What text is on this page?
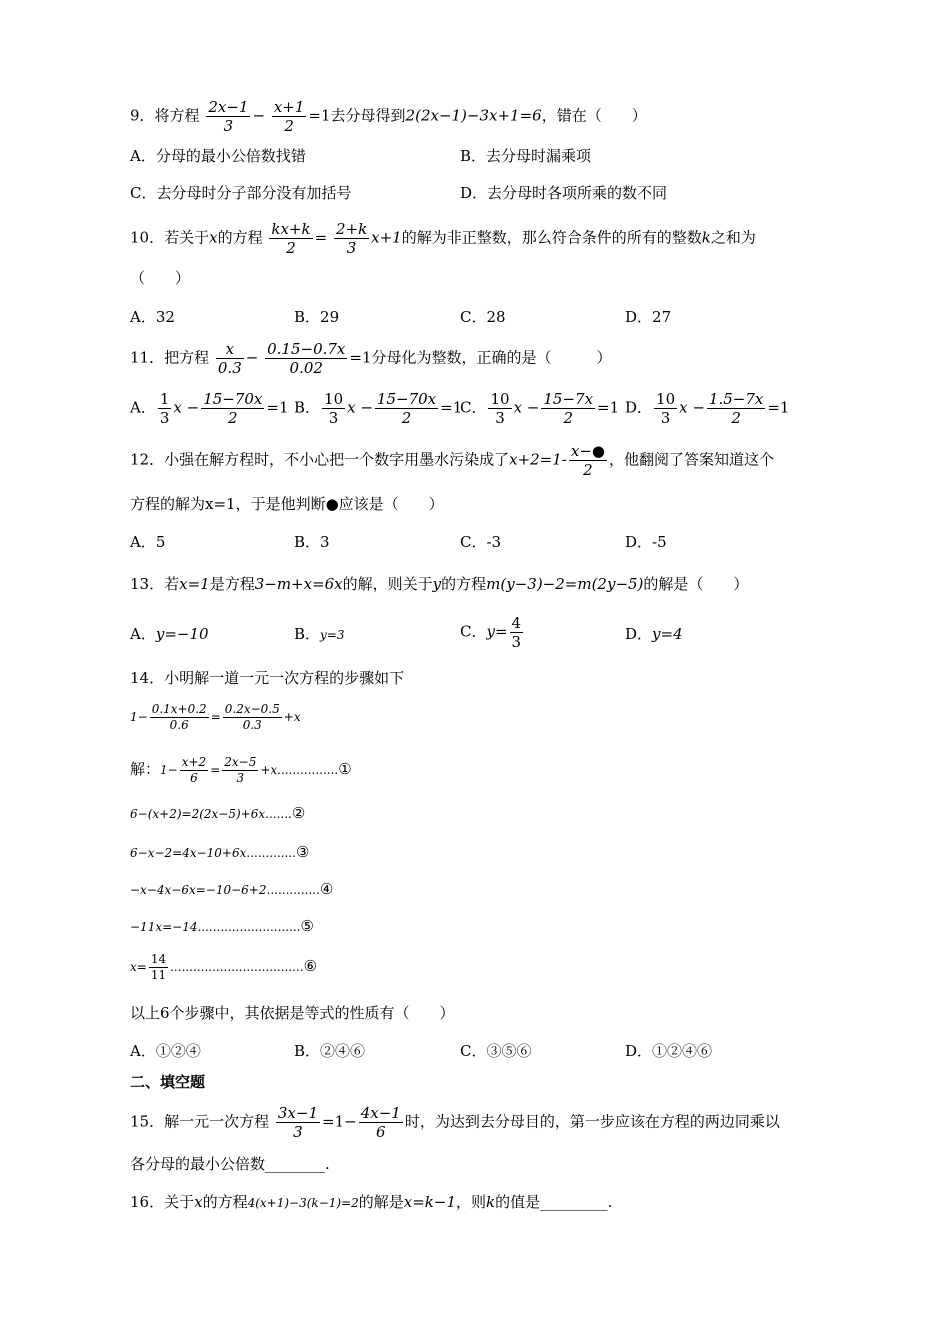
9．将方程 $\frac{2x-1}{3} - \frac{x+1}{2} =1$去分母得到2(2x−1)−3x+1=6，错在（　　）
A．分母的最小公倍数找错	B．去分母时漏乘项
C．去分母时分子部分没有加括号	D．去分母时各项所乘的数不同
10．若关于x的方程 $\frac{kx+k}{2} = \frac{2+k}{3} x+1$的解为非正整数，那么符合条件的所有的整数k之和为
（　　）
A．32	B．29	C．28	D．27
11．把方程 $\frac{x}{0.3} - \frac{0.15-0.7x}{0.02} =1$分母化为整数，正确的是（　　　）
A． $\frac{1}{3}$ $x - \frac{15-70x}{2} =1$ B． $\frac{10}{3}$ $x - \frac{15-70x}{2} =1$
C． $\frac{10}{3}$ $x - \frac{15-7x}{2} =1$ D． $\frac{10}{3}$ $x - \frac{1.5-7x}{2} =1$
12．小强在解方程时，不小心把一个数字用墨水污染成了$x+2=1- \frac{x-●}{2}$ ，他翻阅了答案知道这个
方程的解为x=1，于是他判断●应该是（　　）
A．5	B．3	C．-3	D．-5
13．若x=1是方程3−m+x=6x的解，则关于y的方程m(y−3)−2=m(2y−5)的解是（　　）
A．y=−10	B．y=3	C．$y= \frac{4}{3}$	D．y=4
14．小明解一道一元一次方程的步骤如下
$1- \frac{0.1x+0.2}{0.6} = \frac{0.2x-0.5}{0.3} +x$
解：$1- \frac{x+2}{6} = \frac{2x-5}{3}$ +x................①
6−(x+2)=2(2x−5)+6x.......②
6−x−2=4x−10+6x.............③
−x−4x−6x=−10−6+2..............④
−11x=−14...........................⑤
$x= \frac{14}{11}$ ...................................⑥
以上6个步骤中，其依据是等式的性质有（　　）
A．①②④	B．②④⑥	C．③⑤⑥	D．①②④⑥
二、填空题
15．解一元一次方程 $\frac{3x-1}{3} =1- \frac{4x-1}{6}$ 时，为达到去分母目的，第一步应该在方程的两边同乘以
各分母的最小公倍数________.
16．关于x的方程4(x+1)−3(k−1)=2的解是x=k−1，则k的值是_________.
